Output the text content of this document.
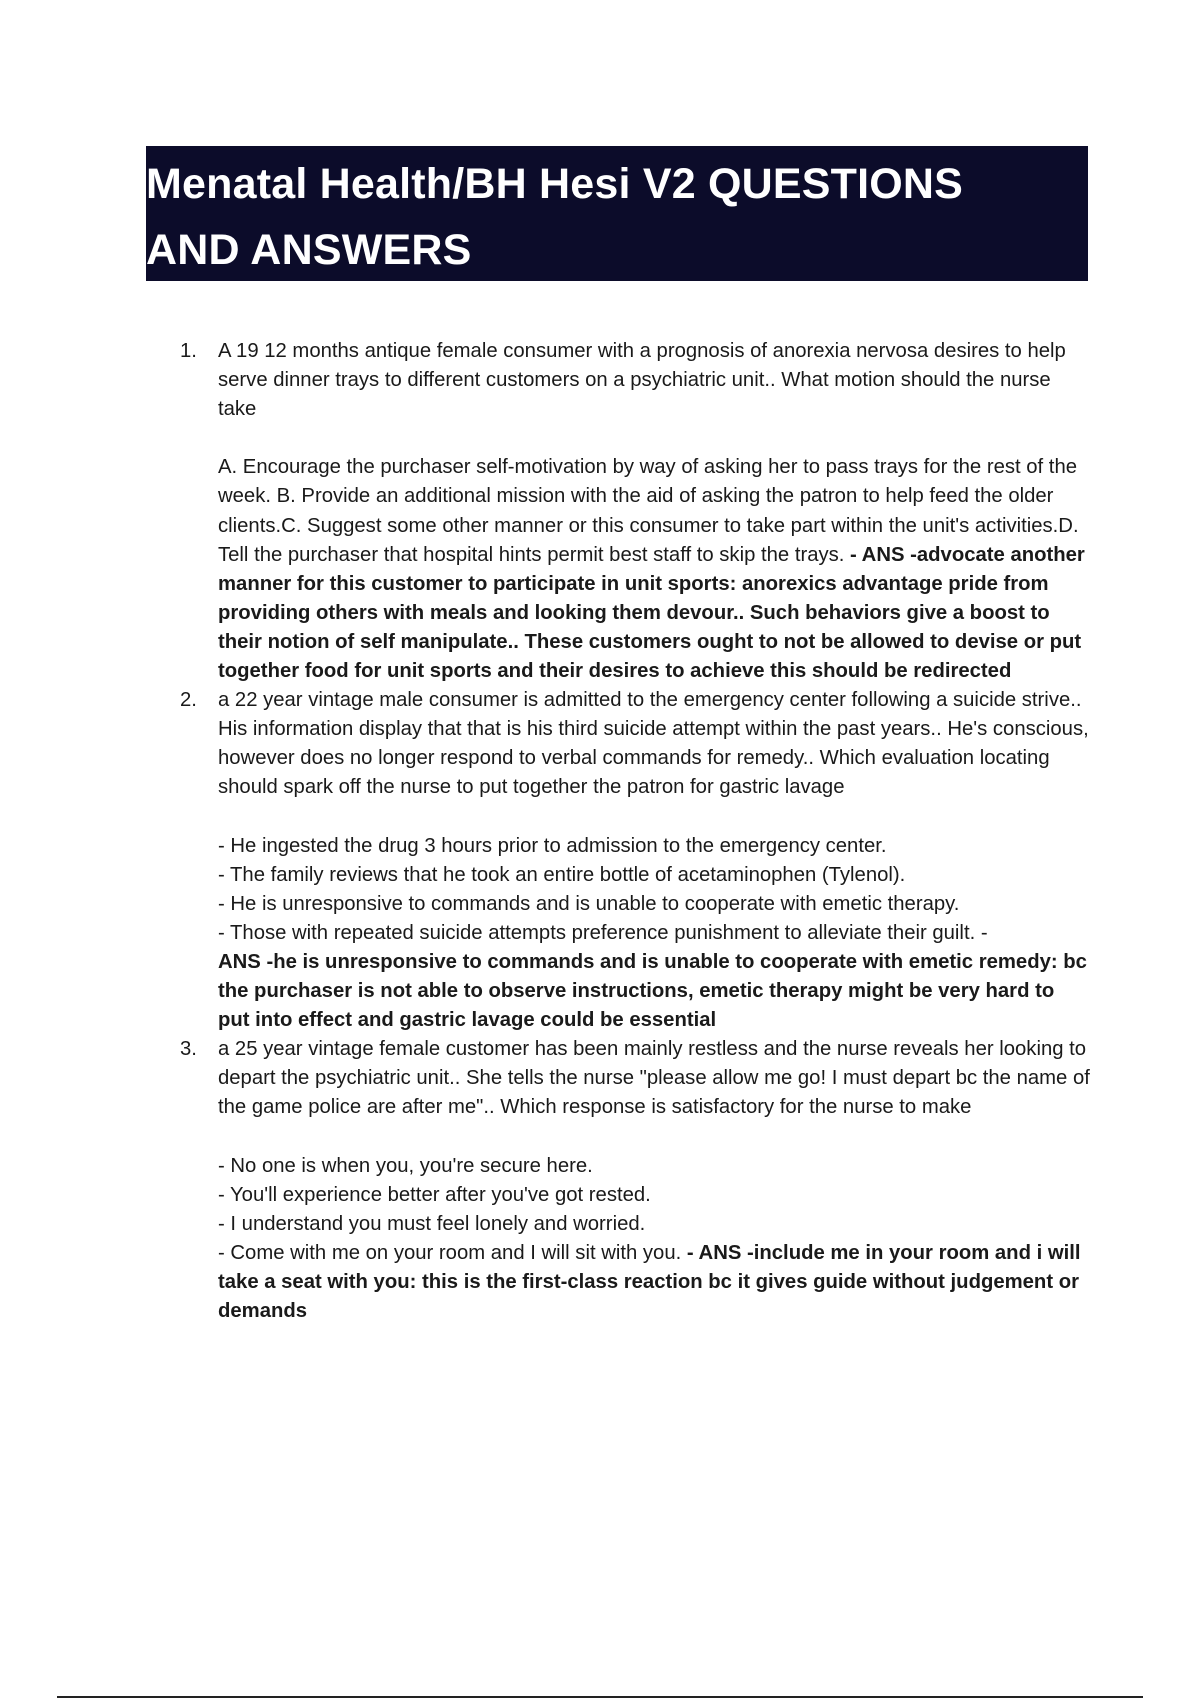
Menatal Health/BH Hesi V2 QUESTIONS AND ANSWERS
1. A 19 12 months antique female consumer with a prognosis of anorexia nervosa desires to help serve dinner trays to different customers on a psychiatric unit.. What motion should the nurse take
A. Encourage the purchaser self-motivation by way of asking her to pass trays for the rest of the week. B. Provide an additional mission with the aid of asking the patron to help feed the older clients.C. Suggest some other manner or this consumer to take part within the unit's activities.D. Tell the purchaser that hospital hints permit best staff to skip the trays. - ANS -advocate another manner for this customer to participate in unit sports: anorexics advantage pride from providing others with meals and looking them devour.. Such behaviors give a boost to their notion of self manipulate.. These customers ought to not be allowed to devise or put together food for unit sports and their desires to achieve this should be redirected
2. a 22 year vintage male consumer is admitted to the emergency center following a suicide strive.. His information display that that is his third suicide attempt within the past years.. He's conscious, however does no longer respond to verbal commands for remedy.. Which evaluation locating should spark off the nurse to put together the patron for gastric lavage
- He ingested the drug 3 hours prior to admission to the emergency center.
- The family reviews that he took an entire bottle of acetaminophen (Tylenol).
- He is unresponsive to commands and is unable to cooperate with emetic therapy.
- Those with repeated suicide attempts preference punishment to alleviate their guilt. -
ANS -he is unresponsive to commands and is unable to cooperate with emetic remedy: bc the purchaser is not able to observe instructions, emetic therapy might be very hard to put into effect and gastric lavage could be essential
3. a 25 year vintage female customer has been mainly restless and the nurse reveals her looking to depart the psychiatric unit.. She tells the nurse "please allow me go! I must depart bc the name of the game police are after me".. Which response is satisfactory for the nurse to make
- No one is when you, you're secure here.
- You'll experience better after you've got rested.
- I understand you must feel lonely and worried.
- Come with me on your room and I will sit with you. - ANS -include me in your room and i will take a seat with you: this is the first-class reaction bc it gives guide without judgement or demands
